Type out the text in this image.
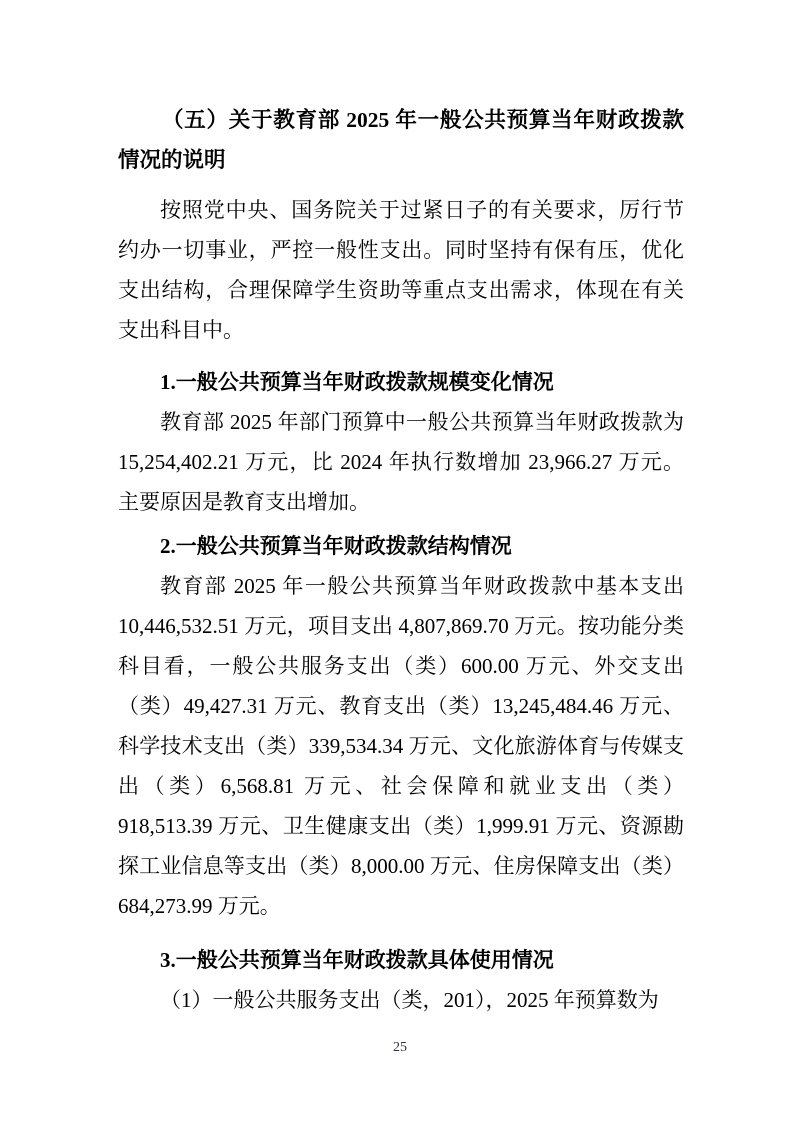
（五）关于教育部 2025 年一般公共预算当年财政拨款情况的说明

按照党中央、国务院关于过紧日子的有关要求，厉行节约办一切事业，严控一般性支出。同时坚持有保有压，优化支出结构，合理保障学生资助等重点支出需求，体现在有关支出科目中。

1.一般公共预算当年财政拨款规模变化情况

教育部 2025 年部门预算中一般公共预算当年财政拨款为 15,254,402.21 万元，比 2024 年执行数增加 23,966.27 万元。主要原因是教育支出增加。

2.一般公共预算当年财政拨款结构情况

教育部 2025 年一般公共预算当年财政拨款中基本支出 10,446,532.51 万元，项目支出 4,807,869.70 万元。按功能分类科目看，一般公共服务支出（类）600.00 万元、外交支出（类）49,427.31 万元、教育支出（类）13,245,484.46 万元、科学技术支出（类）339,534.34 万元、文化旅游体育与传媒支出（类）6,568.81 万元、社会保障和就业支出（类）918,513.39 万元、卫生健康支出（类）1,999.91 万元、资源勘探工业信息等支出（类）8,000.00 万元、住房保障支出（类）684,273.99 万元。

3.一般公共预算当年财政拨款具体使用情况

（1）一般公共服务支出（类，201），2025 年预算数为

25
